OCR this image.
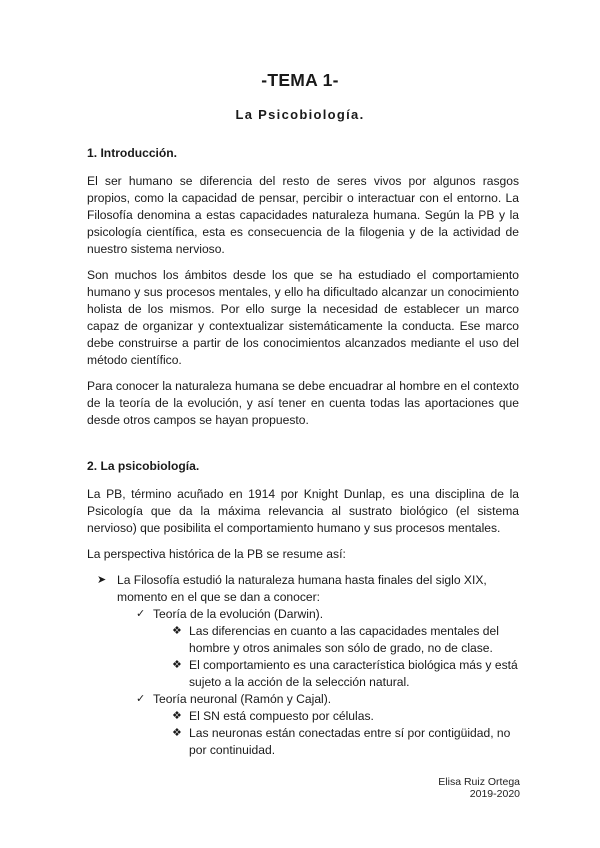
-TEMA 1-
La Psicobiología.
1. Introducción.

El ser humano se diferencia del resto de seres vivos por algunos rasgos propios, como la capacidad de pensar, percibir o interactuar con el entorno. La Filosofía denomina a estas capacidades naturaleza humana. Según la PB y la psicología científica, esta es consecuencia de la filogenia y de la actividad de nuestro sistema nervioso.

Son muchos los ámbitos desde los que se ha estudiado el comportamiento humano y sus procesos mentales, y ello ha dificultado alcanzar un conocimiento holista de los mismos. Por ello surge la necesidad de establecer un marco capaz de organizar y contextualizar sistemáticamente la conducta. Ese marco debe construirse a partir de los conocimientos alcanzados mediante el uso del método científico.

Para conocer la naturaleza humana se debe encuadrar al hombre en el contexto de la teoría de la evolución, y así tener en cuenta todas las aportaciones que desde otros campos se hayan propuesto.

2. La psicobiología.

La PB, término acuñado en 1914 por Knight Dunlap, es una disciplina de la Psicología que da la máxima relevancia al sustrato biológico (el sistema nervioso) que posibilita el comportamiento humano y sus procesos mentales.

La perspectiva histórica de la PB se resume así:

➤ La Filosofía estudió la naturaleza humana hasta finales del siglo XIX, momento en el que se dan a conocer:
✓ Teoría de la evolución (Darwin).
❖ Las diferencias en cuanto a las capacidades mentales del hombre y otros animales son sólo de grado, no de clase.
❖ El comportamiento es una característica biológica más y está sujeto a la acción de la selección natural.
✓ Teoría neuronal (Ramón y Cajal).
❖ El SN está compuesto por células.
❖ Las neuronas están conectadas entre sí por contigüidad, no por continuidad.
Elisa Ruiz Ortega
2019-2020
